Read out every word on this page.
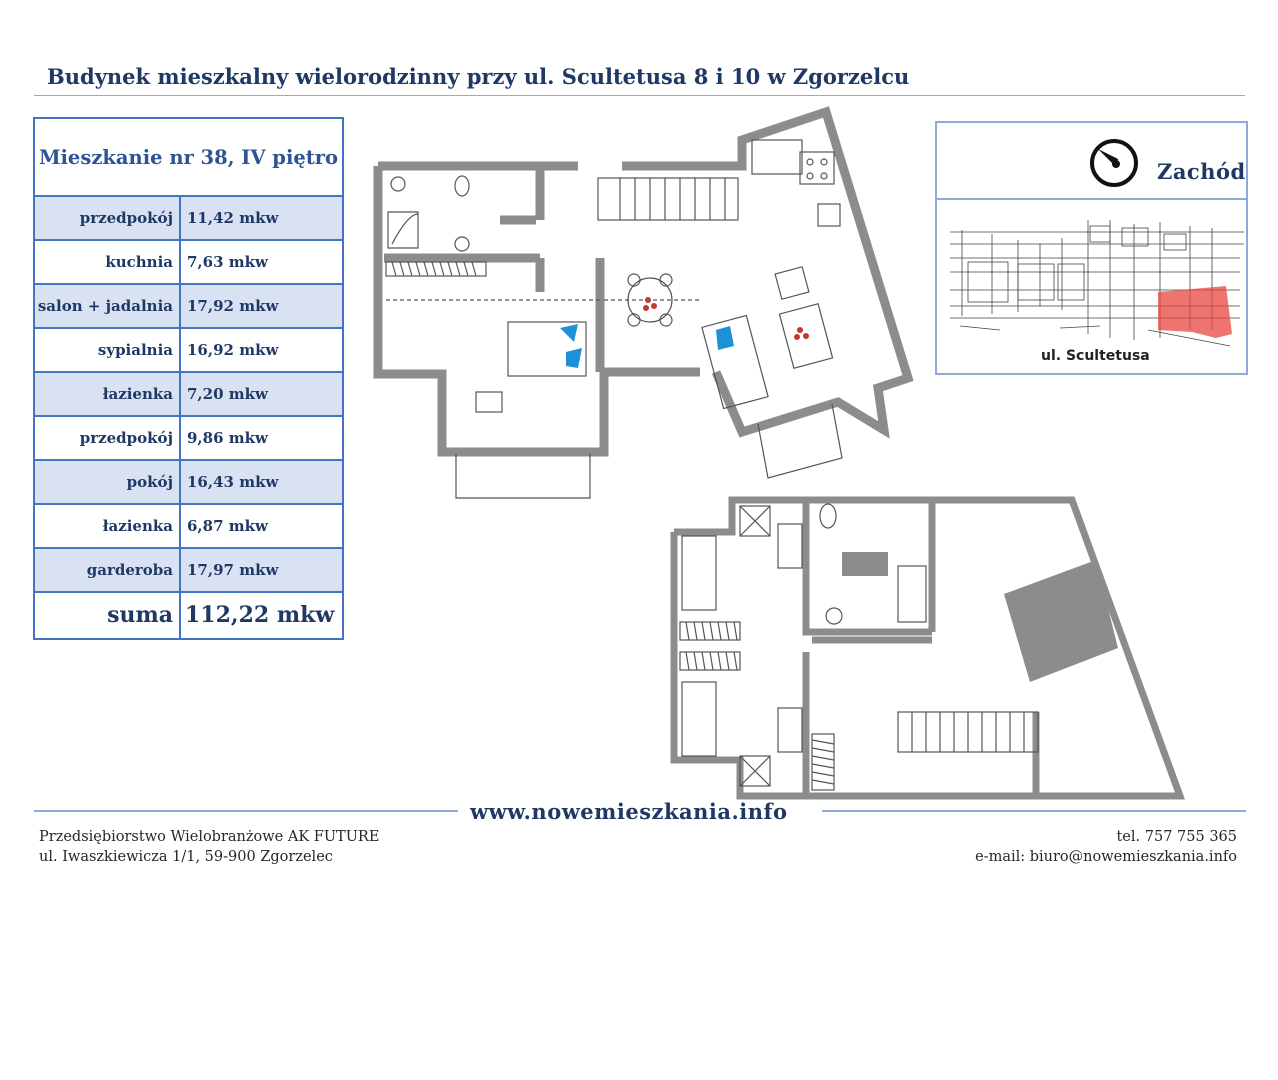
Budynek mieszkalny wielorodzinny przy ul. Scultetusa 8 i 10 w Zgorzelcu
Mieszkanie nr 38, IV piętro
przedpokój 11,42 mkw
kuchnia 7,63 mkw
salon + jadalnia 17,92 mkw
sypialnia 16,92 mkw
łazienka 7,20 mkw
przedpokój 9,86 mkw
pokój 16,43 mkw
łazienka 6,87 mkw
garderoba 17,97 mkw
suma 112,22 mkw
Zachód
ul. Scultetusa
www.nowemieszkania.info
Przedsiębiorstwo Wielobranżowe AK FUTURE
ul. Iwaszkiewicza 1/1, 59-900 Zgorzelec
tel. 757 755 365
e-mail: biuro@nowemieszkania.info
